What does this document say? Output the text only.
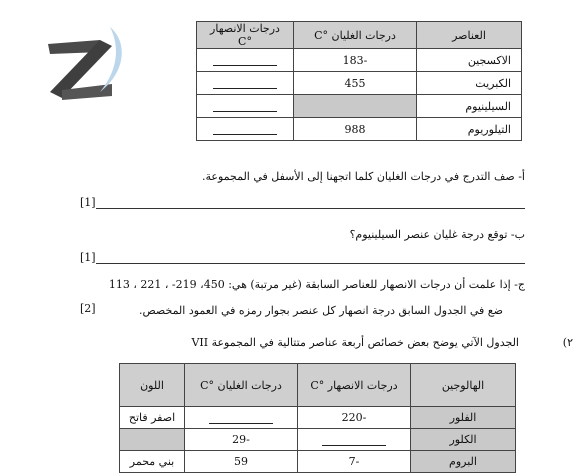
العناصر	درجات الغليان °C	درجات الانصهار °C
الاكسجين	-183	
الكبريت	455	
السيلينيوم		
التيلوريوم	988	
أ- صف التدرج في درجات الغليان كلما اتجهنا إلى الأسفل في المجموعة.
[1]
ب- توقع درجة غليان عنصر السيلينيوم؟
[1]
ج- إذا علمت أن درجات الانصهار للعناصر السابقة (غير مرتبة) هي: 450، 219- ، 221 ، 113
ضع في الجدول السابق درجة انصهار كل عنصر بجوار رمزه في العمود المخصص.
[2]
٢)
الجدول الآتي يوضح بعض خصائص أربعة عناصر متتالية في المجموعة VII
الهالوجين	درجات الانصهار °C	درجات الغليان °C	اللون
الفلور	-220		اصفر فاتح
الكلور		-29	
البروم	-7	59	بني محمر
